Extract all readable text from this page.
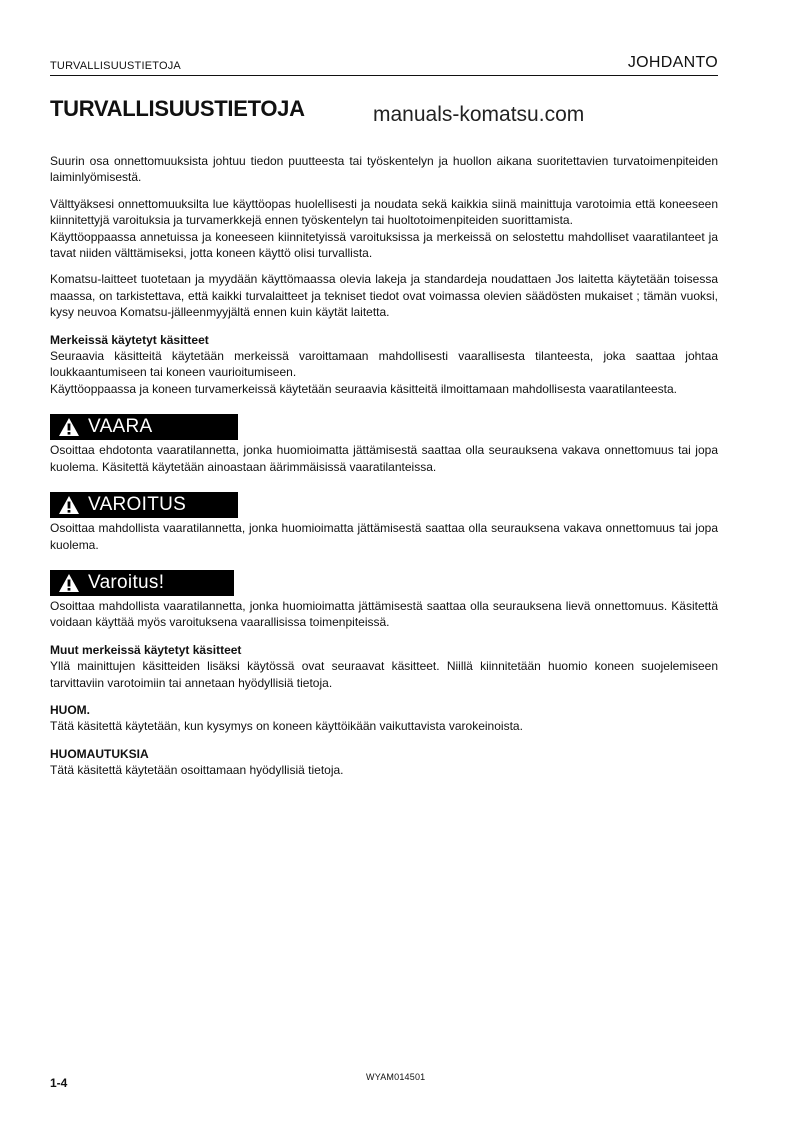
TURVALLISUUSTIETOJA	JOHDANTO
TURVALLISUUSTIETOJA	manuals-komatsu.com

Suurin osa onnettomuuksista johtuu tiedon puutteesta tai työskentelyn ja huollon aikana suoritettavien turvatoimenpiteiden laiminlyömisestä.

Välttyäksesi onnettomuuksilta lue käyttöopas huolellisesti ja noudata sekä kaikkia siinä mainittuja varotoimia että koneeseen kiinnitettyjä varoituksia ja turvamerkkejä ennen työskentelyn tai huoltotoimenpiteiden suorittamista.

Käyttöoppaassa annetuissa ja koneeseen kiinnitetyissä varoituksissa ja merkeissä on selostettu mahdolliset vaaratilanteet ja tavat niiden välttämiseksi, jotta koneen käyttö olisi turvallista.

Komatsu-laitteet tuotetaan ja myydään käyttömaassa olevia lakeja ja standardeja noudattaen Jos laitetta käytetään toisessa maassa, on tarkistettava, että kaikki turvalaitteet ja tekniset tiedot ovat voimassa olevien säädösten mukaiset ; tämän vuoksi, kysy neuvoa Komatsu-jälleenmyyjältä ennen kuin käytät laitetta.

Merkeissä käytetyt käsitteet

Seuraavia käsitteitä käytetään merkeissä varoittamaan mahdollisesti vaarallisesta tilanteesta, joka saattaa johtaa loukkaantumiseen tai koneen vaurioitumiseen.

Käyttöoppaassa ja koneen turvamerkeissä käytetään seuraavia käsitteitä ilmoittamaan mahdollisesta vaaratilanteesta.

VAARA

Osoittaa ehdotonta vaaratilannetta, jonka huomioimatta jättämisestä saattaa olla seurauksena vakava onnettomuus tai jopa kuolema. Käsitettä käytetään ainoastaan äärimmäisissä vaaratilanteissa.

VAROITUS

Osoittaa mahdollista vaaratilannetta, jonka huomioimatta jättämisestä saattaa olla seurauksena vakava onnettomuus tai jopa kuolema.

Varoitus!

Osoittaa mahdollista vaaratilannetta, jonka huomioimatta jättämisestä saattaa olla seurauksena lievä onnettomuus. Käsitettä voidaan käyttää myös varoituksena vaarallisissa toimenpiteissä.

Muut merkeissä käytetyt käsitteet

Yllä mainittujen käsitteiden lisäksi käytössä ovat seuraavat käsitteet. Niillä kiinnitetään huomio koneen suojelemiseen tarvittaviin varotoimiin tai annetaan hyödyllisiä tietoja.

HUOM.

Tätä käsitettä käytetään, kun kysymys on koneen käyttöikään vaikuttavista varokeinoista.

HUOMAUTUKSIA

Tätä käsitettä käytetään osoittamaan hyödyllisiä tietoja.

1-4	WYAM014501
